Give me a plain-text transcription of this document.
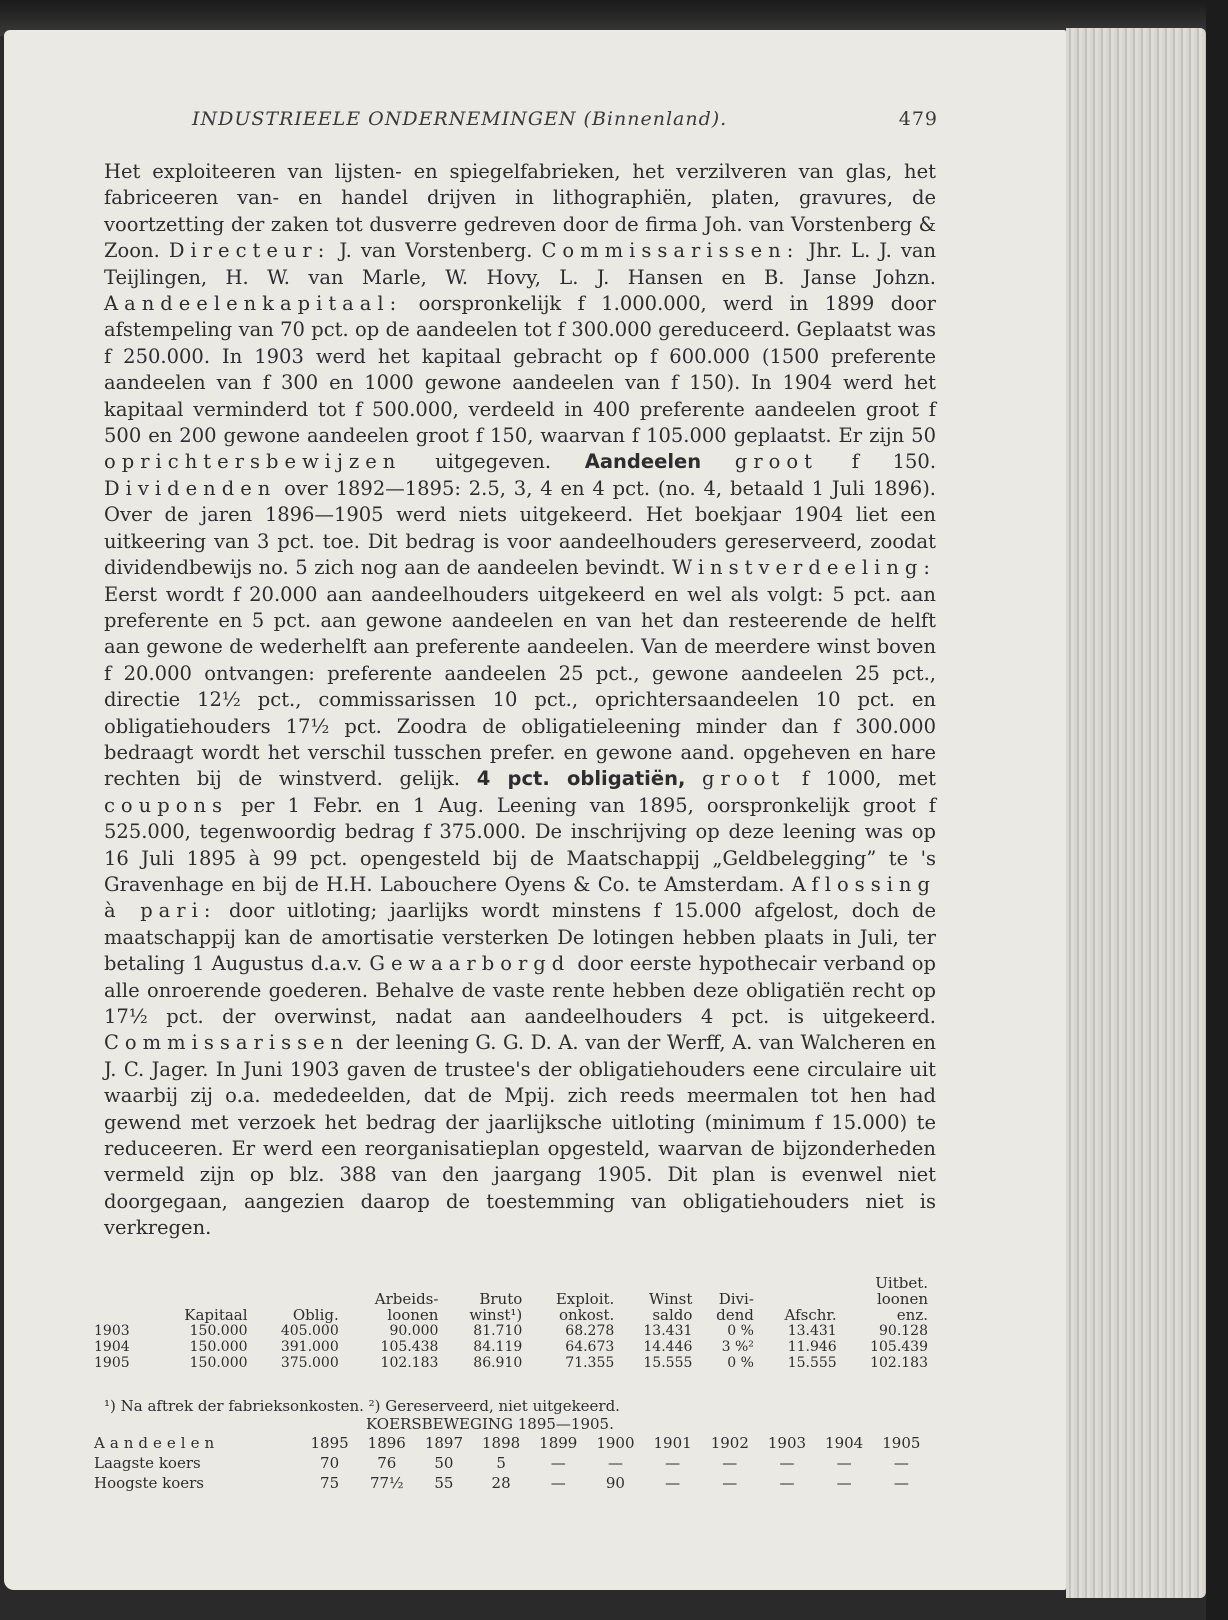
INDUSTRIEELE ONDERNEMINGEN (Binnenland).	479

Het exploiteeren van lijsten- en spiegelfabrieken, het verzilveren van glas, het fabriceeren van- en handel drijven in lithographiën, platen, gravures, de voortzetting der zaken tot dusverre gedreven door de firma Joh. van Vorstenberg & Zoon. Directeur: J. van Vorstenberg. Commissarissen: Jhr. L. J. van Teijlingen, H. W. van Marle, W. Hovy, L. J. Hansen en B. Janse Johzn. Aandeelenkapitaal: oorspronkelijk f 1.000.000, werd in 1899 door afstempeling van 70 pct. op de aandeelen tot f 300.000 gereduceerd. Geplaatst was f 250.000. In 1903 werd het kapitaal gebracht op f 600.000 (1500 preferente aandeelen van f 300 en 1000 gewone aandeelen van f 150). In 1904 werd het kapitaal verminderd tot f 500.000, verdeeld in 400 preferente aandeelen groot f 500 en 200 gewone aandeelen groot f 150, waarvan f 105.000 geplaatst. Er zijn 50 oprichtersbewijzen uitgegeven. Aandeelen groot f 150. Dividenden over 1892—1895: 2.5, 3, 4 en 4 pct. (no. 4, betaald 1 Juli 1896). Over de jaren 1896—1905 werd niets uitgekeerd. Het boekjaar 1904 liet een uitkeering van 3 pct. toe. Dit bedrag is voor aandeelhouders gereserveerd, zoodat dividendbewijs no. 5 zich nog aan de aandeelen bevindt. Winstverdeeling: Eerst wordt f 20.000 aan aandeelhouders uitgekeerd en wel als volgt: 5 pct. aan preferente en 5 pct. aan gewone aandeelen en van het dan resteerende de helft aan gewone de wederhelft aan preferente aandeelen. Van de meerdere winst boven f 20.000 ontvangen: preferente aandeelen 25 pct., gewone aandeelen 25 pct., directie 12½ pct., commissarissen 10 pct., oprichtersaandeelen 10 pct. en obligatiehouders 17½ pct. Zoodra de obligatieleening minder dan f 300.000 bedraagt wordt het verschil tusschen prefer. en gewone aand. opgeheven en hare rechten bij de winstverd. gelijk. 4 pct. obligatiën, groot f 1000, met coupons per 1 Febr. en 1 Aug. Leening van 1895, oorspronkelijk groot f 525.000, tegenwoordig bedrag f 375.000. De inschrijving op deze leening was op 16 Juli 1895 à 99 pct. opengesteld bij de Maatschappij „Geldbelegging” te 's Gravenhage en bij de H.H. Labouchere Oyens & Co. te Amsterdam. Aflossing à pari: door uitloting; jaarlijks wordt minstens f 15.000 afgelost, doch de maatschappij kan de amortisatie versterken De lotingen hebben plaats in Juli, ter betaling 1 Augustus d.a.v. Gewaarborgd door eerste hypothecair verband op alle onroerende goederen. Behalve de vaste rente hebben deze obligatiën recht op 17½ pct. der overwinst, nadat aan aandeelhouders 4 pct. is uitgekeerd. Commissarissen der leening G. G. D. A. van der Werff, A. van Walcheren en J. C. Jager. In Juni 1903 gaven de trustee's der obligatiehouders eene circulaire uit waarbij zij o.a. mededeelden, dat de Mpij. zich reeds meermalen tot hen had gewend met verzoek het bedrag der jaarlijksche uitloting (minimum f 15.000) te reduceeren. Er werd een reorganisatieplan opgesteld, waarvan de bijzonderheden vermeld zijn op blz. 388 van den jaargang 1905. Dit plan is evenwel niet doorgegaan, aangezien daarop de toestemming van obligatiehouders niet is verkregen.

									Uitbet.
			Arbeids-	Bruto	Exploit.	Winst	Divi-		loonen
	Kapitaal	Oblig.	loonen	winst¹)	onkost.	saldo	dend	Afschr.	enz.
1903	150.000	405.000	90.000	81.710	68.278	13.431	0 %	13.431	90.128
1904	150.000	391.000	105.438	84.119	64.673	14.446	3 %²	11.946	105.439
1905	150.000	375.000	102.183	86.910	71.355	15.555	0 %	15.555	102.183
¹) Na aftrek der fabrieksonkosten. ²) Gereserveerd, niet uitgekeerd.
KOERSBEWEGING 1895—1905.
Aandeelen	1895	1896	1897	1898	1899	1900	1901	1902	1903	1904	1905
Laagste koers	70	76	50	5	—	—	—	—	—	—	—
Hoogste koers	75	77½	55	28	—	90	—	—	—	—	—
